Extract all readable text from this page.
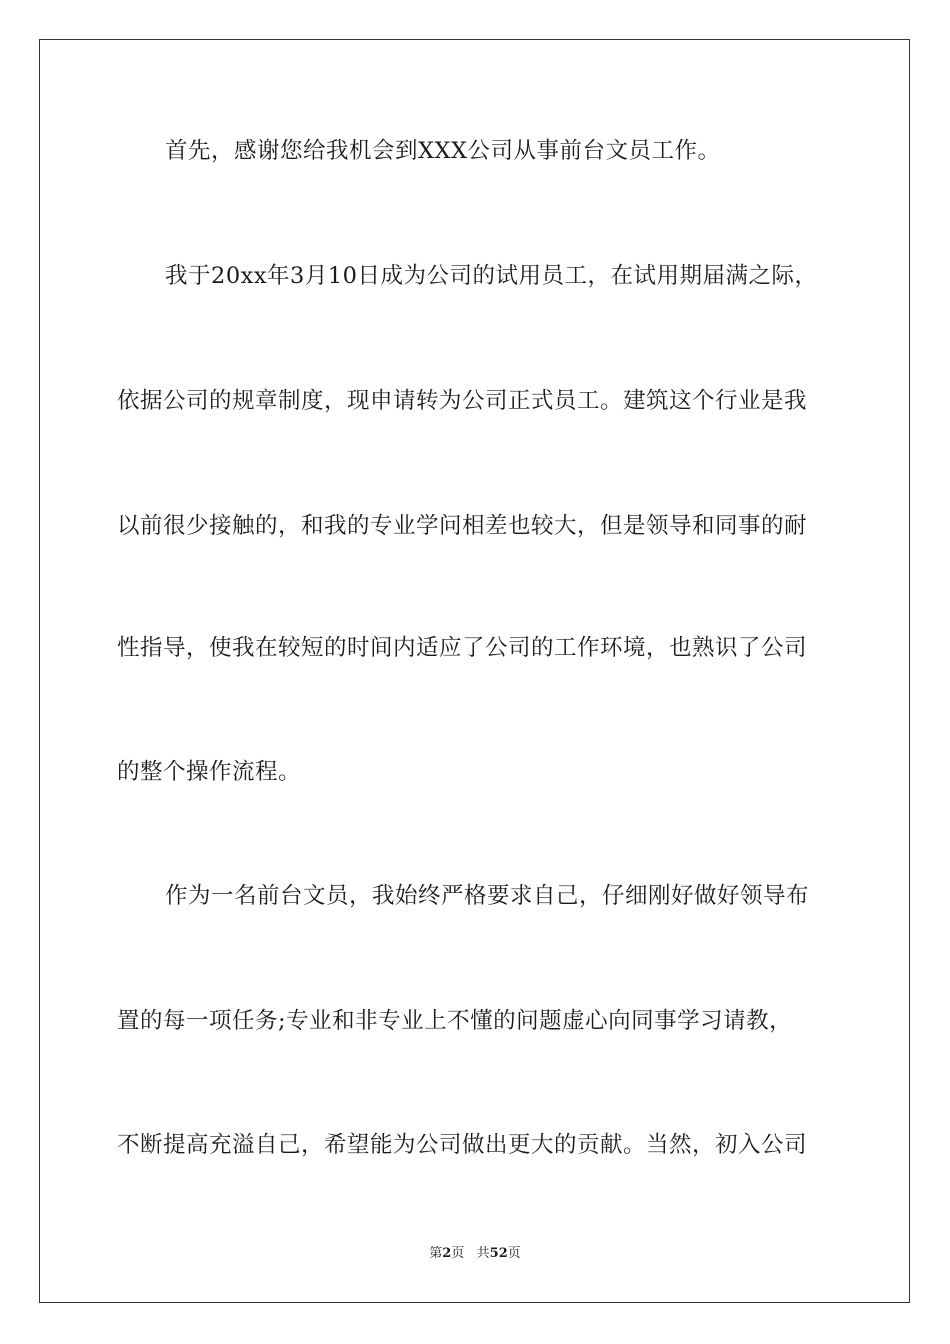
首先，感谢您给我机会到XXX公司从事前台文员工作。
我于20xx年3月10日成为公司的试用员工，在试用期届满之际，
依据公司的规章制度，现申请转为公司正式员工。建筑这个行业是我
以前很少接触的，和我的专业学问相差也较大，但是领导和同事的耐
性指导，使我在较短的时间内适应了公司的工作环境，也熟识了公司
的整个操作流程。
作为一名前台文员，我始终严格要求自己，仔细刚好做好领导布
置的每一项任务;专业和非专业上不懂的问题虚心向同事学习请教，
不断提高充溢自己，希望能为公司做出更大的贡献。当然，初入公司
第2页   共52页
